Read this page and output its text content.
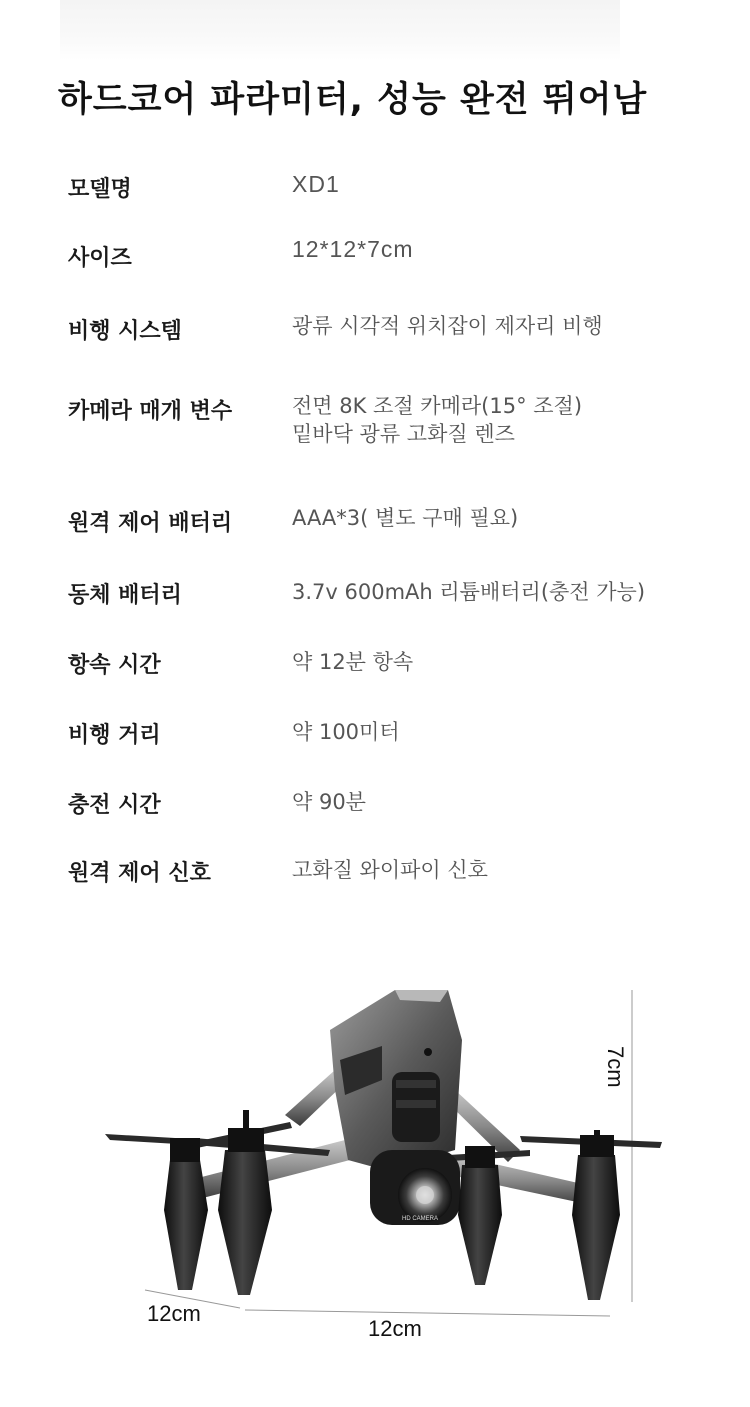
하드코어 파라미터, 성능 완전 뛰어남
모델명	XD1
사이즈	12*12*7cm
비행 시스템	광류 시각적 위치잡이 제자리 비행
카메라 매개 변수	전면 8K 조절 카메라(15° 조절)
밑바닥 광류 고화질 렌즈
원격 제어 배터리	AAA*3( 별도 구매 필요)
동체 배터리	3.7v 600mAh 리튬배터리(충전 가능)
항속 시간	약 12분 항속
비행 거리	약 100미터
충전 시간	약 90분
원격 제어 신호	고화질 와이파이 신호
HD CAMERA
7cm
12cm
12cm
